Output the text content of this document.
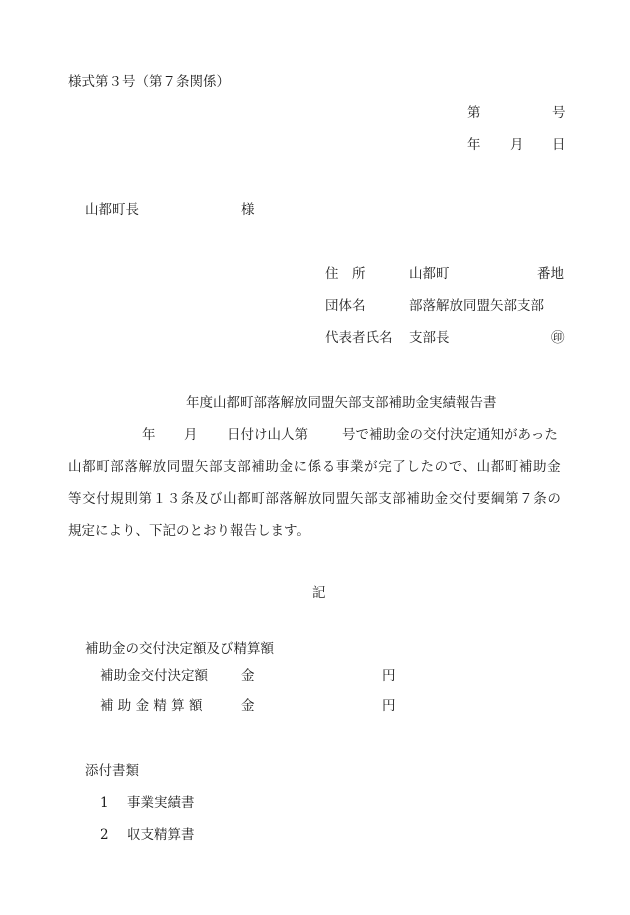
様式第３号（第７条関係）
第	号
年 月 日
山都町長	様
住　所	山都町	番地
団体名	部落解放同盟矢部支部
代表者氏名 支部長	㊞
年度山都町部落解放同盟矢部支部補助金実績報告書
年 月 日付け山人第	号で補助金の交付決定通知があった
山都町部落解放同盟矢部支部補助金に係る事業が完了したので、山都町補助金
等交付規則第１３条及び山都町部落解放同盟矢部支部補助金交付要綱第７条の
規定により、下記のとおり報告します。
記
補助金の交付決定額及び精算額
補助金交付決定額 金	円
補 助 金 精 算 額	金	円
添付書類
1 事業実績書
2 収支精算書
